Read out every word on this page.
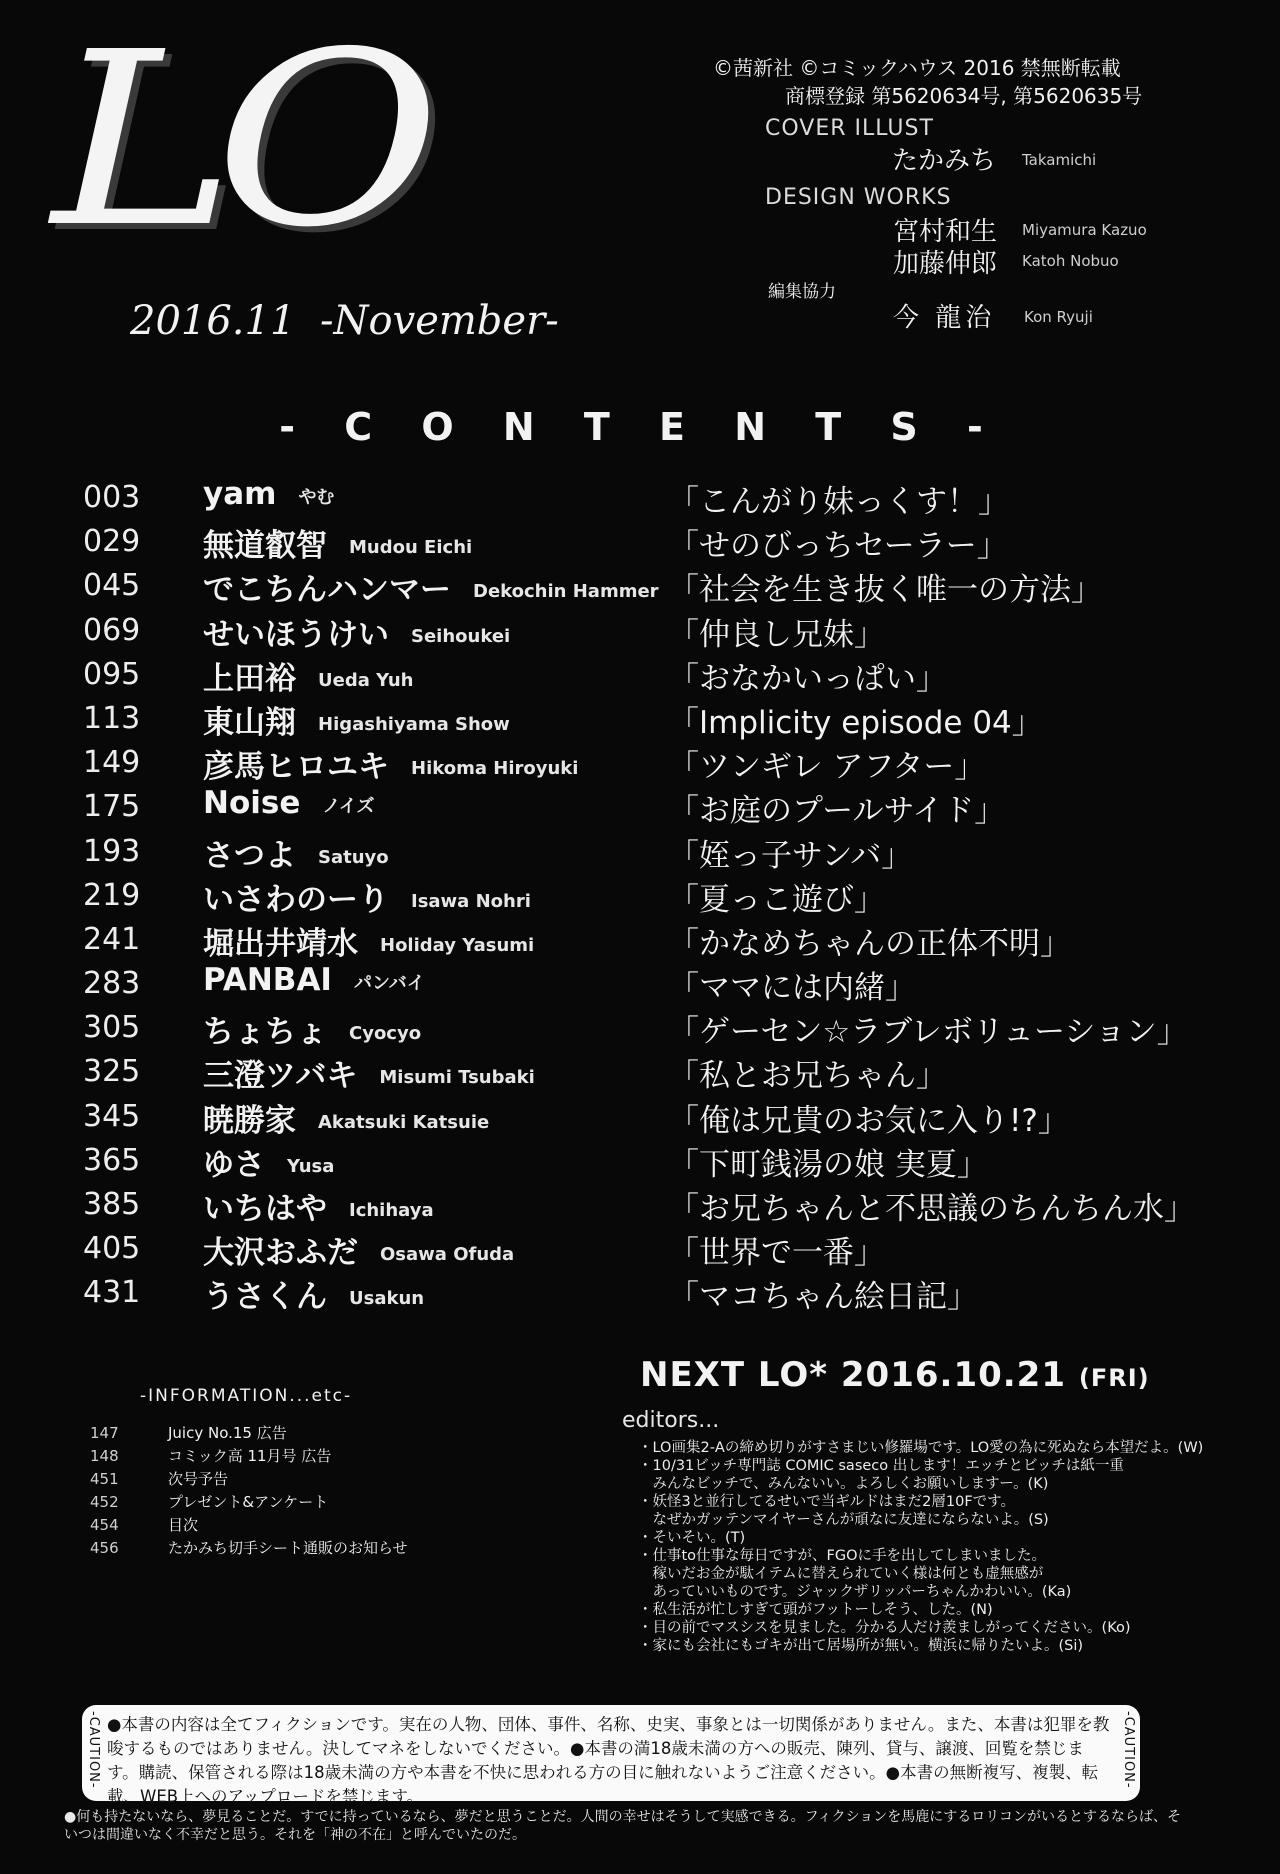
LO
2016.11 -November-
©茜新社 ©コミックハウス 2016 禁無断転載
商標登録 第5620634号, 第5620635号
COVER ILLUST
たかみち Takamichi
DESIGN WORKS
宮村和生 Miyamura Kazuo
加藤伸郎 Katoh Nobuo
編集協力
今 龍治 Kon Ryuji
- C O N T E N T S -
003 yam やむ	「こんがり妹っくす！」
029 無道叡智 Mudou Eichi	「せのびっちセーラー」
045 でこちんハンマー Dekochin Hammer 「社会を生き抜く唯一の方法」
069 せいほうけい Seihoukei	「仲良し兄妹」
095 上田裕 Ueda Yuh	「おなかいっぱい」
113 東山翔 Higashiyama Show	「Implicity episode 04」
149 彦馬ヒロユキ Hikoma Hiroyuki	「ツンギレ アフター」
175 Noise ノイズ	「お庭のプールサイド」
193 さつよ Satuyo	「姪っ子サンバ」
219 いさわのーり Isawa Nohri	「夏っこ遊び」
241 堀出井靖水 Holiday Yasumi	「かなめちゃんの正体不明」
283 PANBAI パンバイ	「ママには内緒」
305 ちょちょ Cyocyo	「ゲーセン☆ラブレボリューション」
325 三澄ツバキ Misumi Tsubaki	「私とお兄ちゃん」
345 暁勝家 Akatsuki Katsuie	「俺は兄貴のお気に入り!?」
365 ゆさ Yusa	「下町銭湯の娘 実夏」
385 いちはや Ichihaya	「お兄ちゃんと不思議のちんちん水」
405 大沢おふだ Osawa Ofuda	「世界で一番」
431 うさくん Usakun	「マコちゃん絵日記」
-INFORMATION...etc-
147	Juicy No.15 広告
148	コミック高 11月号 広告
451	次号予告
452	プレゼント&アンケート
454	目次
456	たかみち切手シート通販のお知らせ
NEXT LO* 2016.10.21 (FRI)
editors...
・LO画集2-Aの締め切りがすさまじい修羅場です。LO愛の為に死ぬなら本望だよ。(W)
・10/31ビッチ専門誌 COMIC saseco 出します！エッチとビッチは紙一重
　みんなビッチで、みんないい。よろしくお願いしますー。(K)
・妖怪3と並行してるせいで当ギルドはまだ2層10Fです。
　なぜかガッテンマイヤーさんが頑なに友達にならないよ。(S)
・そいそい。(T)
・仕事to仕事な毎日ですが、FGOに手を出してしまいました。
　稼いだお金が駄イテムに替えられていく様は何とも虚無感が
　あっていいものです。ジャックザリッパーちゃんかわいい。(Ka)
・私生活が忙しすぎて頭がフットーしそう、した。(N)
・目の前でマスシスを見ました。分かる人だけ羨ましがってください。(Ko)
・家にも会社にもゴキが出て居場所が無い。横浜に帰りたいよ。(Si)
-CAUTION- ●本書の内容は全てフィクションです。実在の人物、団体、事件、名称、史実、事象とは一切関係がありません。また、本書は犯罪を教唆するものではありません。決してマネをしないでください。●本書の満18歳未満の方への販売、陳列、貸与、譲渡、回覧を禁じます。購読、保管される際は18歳未満の方や本書を不快に思われる方の目に触れないようご注意ください。●本書の無断複写、複製、転載、WEB上へのアップロードを禁じます。
-CAUTION-
●何も持たないなら、夢見ることだ。すでに持っているなら、夢だと思うことだ。人間の幸せはそうして実感できる。フィクションを馬鹿にするロリコンがいるとするならば、そいつは間違いなく不幸だと思う。それを「神の不在」と呼んでいたのだ。
